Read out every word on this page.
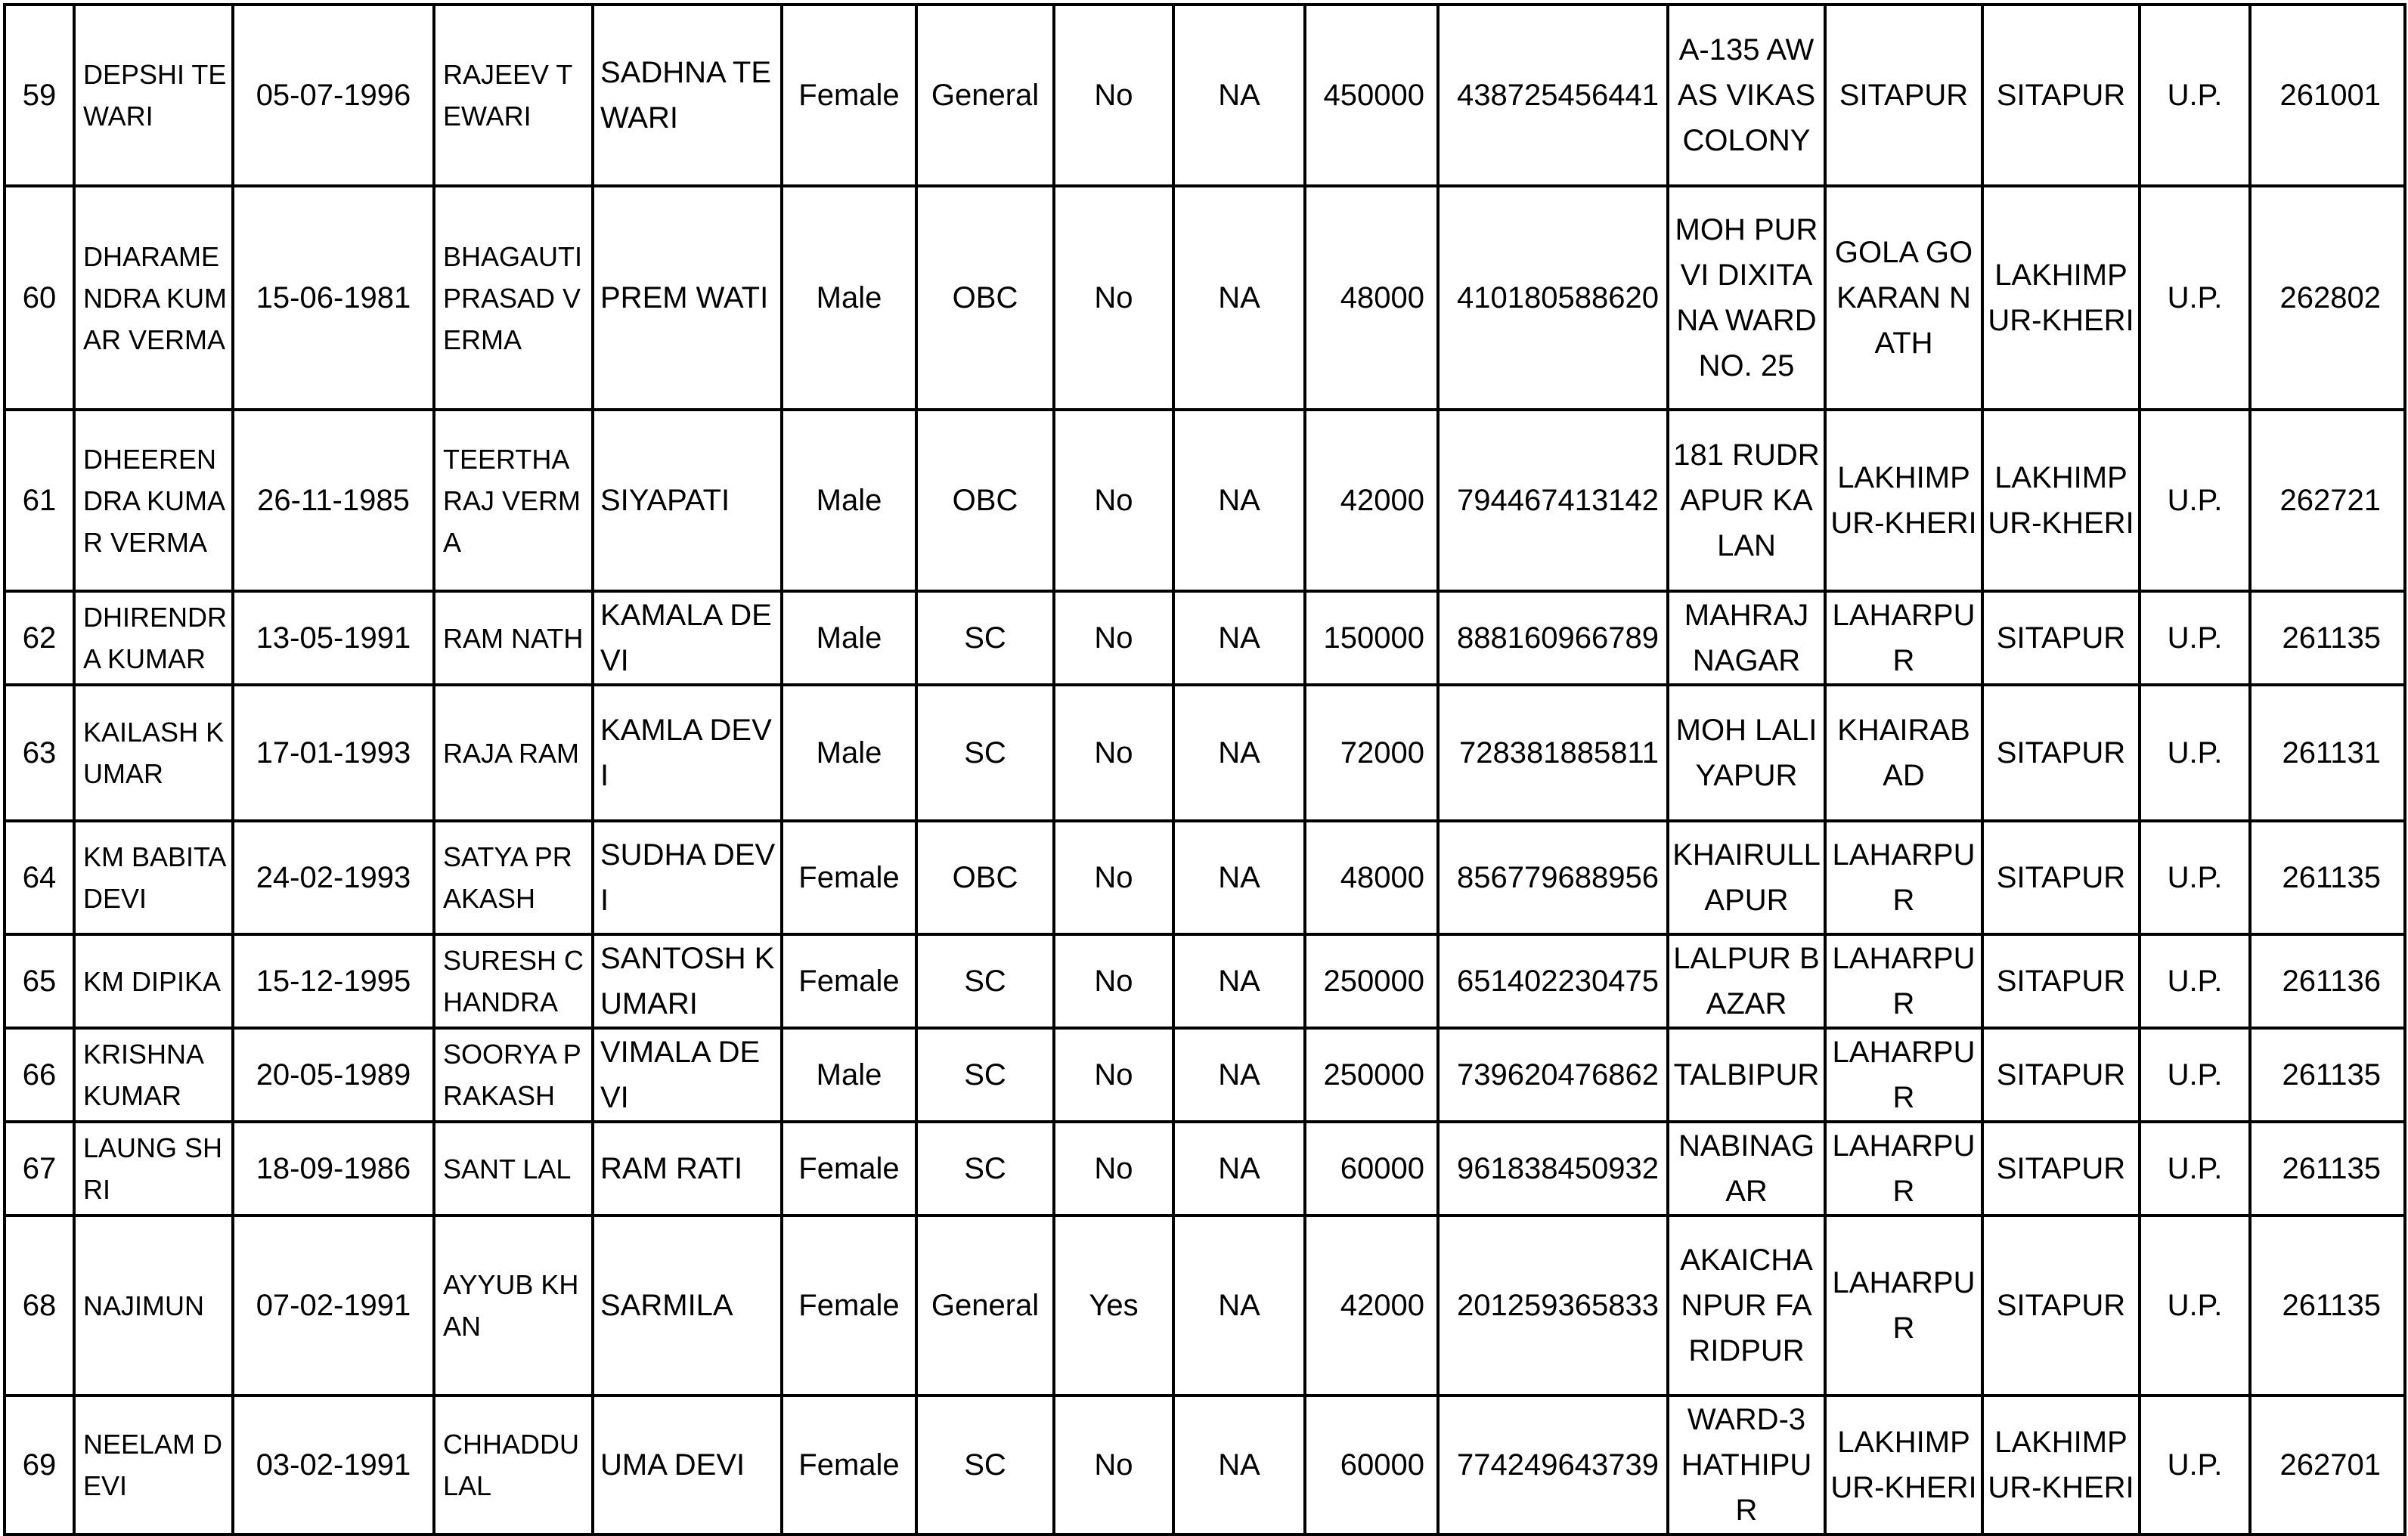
59	DEPSHI TEWARI	05-07-1996	RAJEEV TEWARI	SADHNA TEWARI	Female	General	No	NA	450000	438725456441	A-135 AWAS VIKAS COLONY	SITAPUR	SITAPUR	U.P.	261001
60	DHARAMENDRA KUMAR VERMA	15-06-1981	BHAGAUTI PRASAD VERMA	PREM WATI	Male	OBC	No	NA	48000	410180588620	MOH PURVI DIXITANA WARD NO. 25	GOLA GOKARAN NATH	LAKHIMPUR-KHERI	U.P.	262802
61	DHEERENDRA KUMAR VERMA	26-11-1985	TEERTHA RAJ VERMA	SIYAPATI	Male	OBC	No	NA	42000	794467413142	181 RUDRAPUR KALAN	LAKHIMPUR-KHERI	LAKHIMPUR-KHERI	U.P.	262721
62	DHIRENDRA KUMAR	13-05-1991	RAM NATH	KAMALA DEVI	Male	SC	No	NA	150000	888160966789	MAHRAJ NAGAR	LAHARPUR	SITAPUR	U.P.	261135
63	KAILASH KUMAR	17-01-1993	RAJA RAM	KAMLA DEVI	Male	SC	No	NA	72000	728381885811	MOH LALIYAPUR	KHAIRABAD	SITAPUR	U.P.	261131
64	KM BABITA DEVI	24-02-1993	SATYA PRAKASH	SUDHA DEVI	Female	OBC	No	NA	48000	856779688956	KHAIRULLAPUR	LAHARPUR	SITAPUR	U.P.	261135
65	KM DIPIKA	15-12-1995	SURESH CHANDRA	SANTOSH KUMARI	Female	SC	No	NA	250000	651402230475	LALPUR BAZAR	LAHARPUR	SITAPUR	U.P.	261136
66	KRISHNA KUMAR	20-05-1989	SOORYA PRAKASH	VIMALA DEVI	Male	SC	No	NA	250000	739620476862	TALBIPUR	LAHARPUR	SITAPUR	U.P.	261135
67	LAUNG SHRI	18-09-1986	SANT LAL	RAM RATI	Female	SC	No	NA	60000	961838450932	NABINAGAR	LAHARPUR	SITAPUR	U.P.	261135
68	NAJIMUN	07-02-1991	AYYUB KHAN	SARMILA	Female	General	Yes	NA	42000	201259365833	AKAICHANPUR FARIDPUR	LAHARPUR	SITAPUR	U.P.	261135
69	NEELAM DEVI	03-02-1991	CHHADDU LAL	UMA DEVI	Female	SC	No	NA	60000	774249643739	WARD-3 HATHIPUR	LAKHIMPUR-KHERI	LAKHIMPUR-KHERI	U.P.	262701
